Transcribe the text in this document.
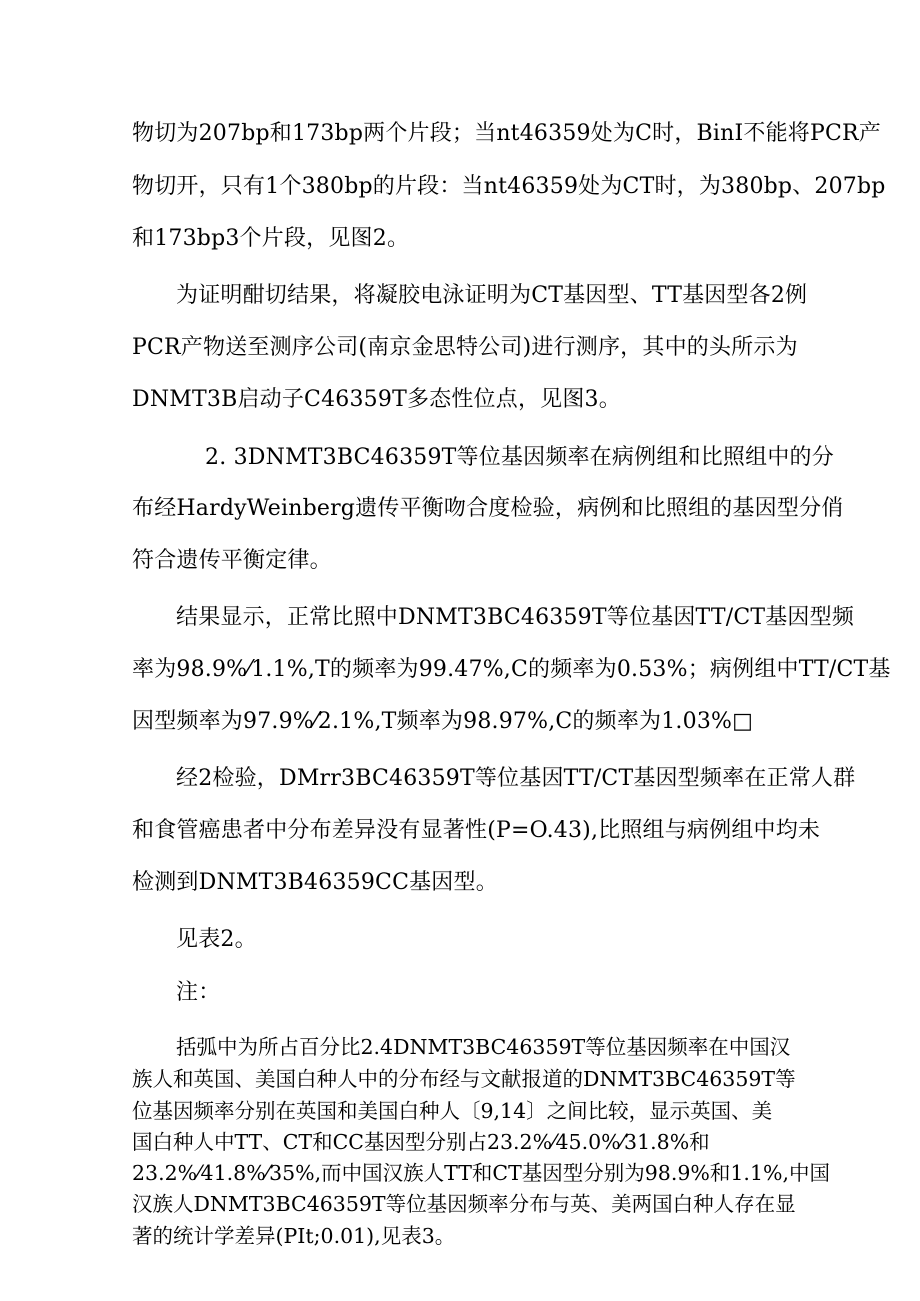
物切为207bp和173bp两个片段；当nt46359处为C时，BinI不能将PCR产

物切开，只有1个380bp的片段：当nt46359处为CT时，为380bp、207bp

和173bp3个片段，见图2。

为证明酣切结果，将凝胶电泳证明为CT基因型、TT基因型各2例

PCR产物送至测序公司(南京金思特公司)进行测序，其中的头所示为

DNMT3B启动子C46359T多态性位点，见图3。

2. 3DNMT3BC46359T等位基因频率在病例组和比照组中的分

布经HardyWeinberg遗传平衡吻合度检验，病例和比照组的基因型分俏

符合遗传平衡定律。

结果显示，正常比照中DNMT3BC46359T等位基因TT/CT基因型频

率为98.9%⁄1.1%,T的频率为99.47%,C的频率为0.53%；病例组中TT/CT基

因型频率为97.9%⁄2.1%,T频率为98.97%,C的频率为1.03%□

经2检验，DMrr3BC46359T等位基因TT/CT基因型频率在正常人群

和食管癌患者中分布差异没有显著性(P=O.43),比照组与病例组中均未

检测到DNMT3B46359CC基因型。

见表2。

注：

括弧中为所占百分比2.4DNMT3BC46359T等位基因频率在中国汉

族人和英国、美国白种人中的分布经与文献报道的DNMT3BC46359T等

位基因频率分别在英国和美国白种人〔9,14〕之间比较，显示英国、美

国白种人中TT、CT和CC基因型分别占23.2%⁄45.0%⁄31.8%和

23.2%⁄41.8%⁄35%,而中国汉族人TT和CT基因型分别为98.9%和1.1%,中国

汉族人DNMT3BC46359T等位基因频率分布与英、美两国白种人存在显

著的统计学差异(PIt;0.01),见表3。
